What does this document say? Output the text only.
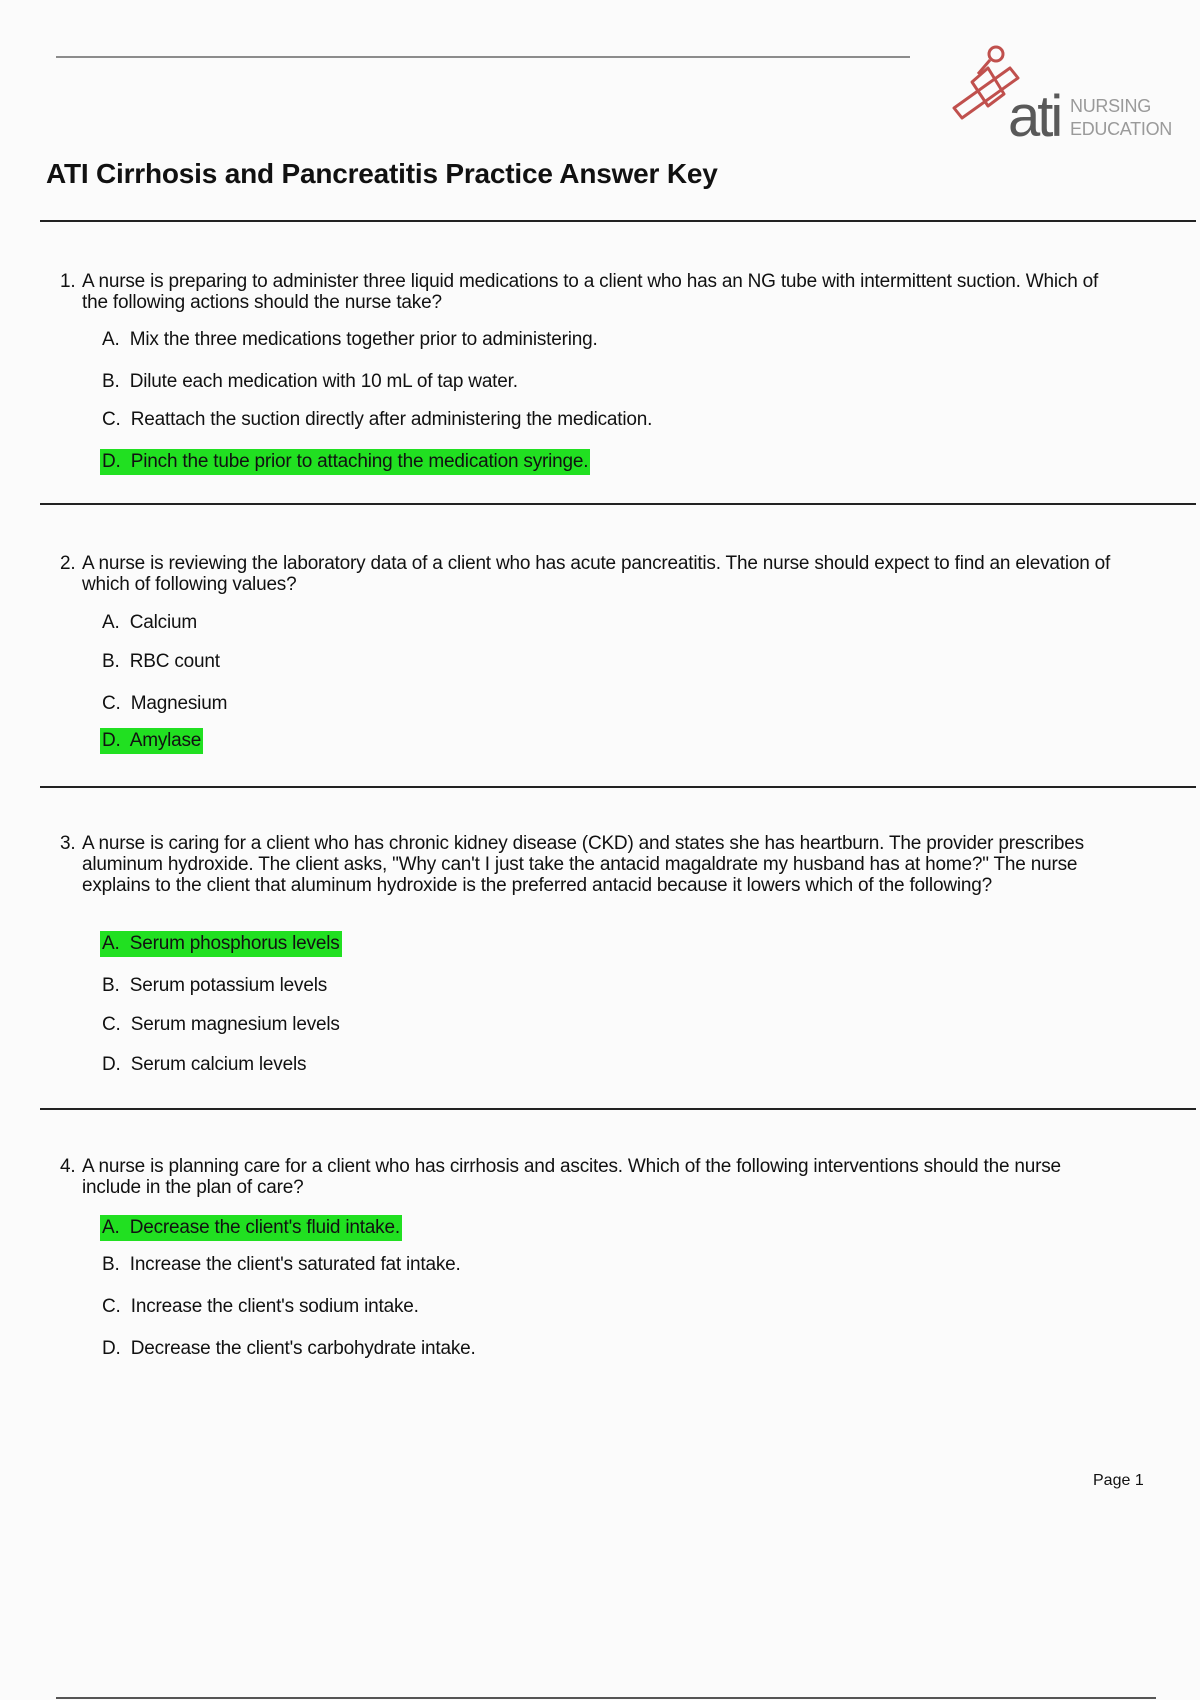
ati NURSING
EDUCATION
ATI Cirrhosis and Pancreatitis Practice Answer Key
1. A nurse is preparing to administer three liquid medications to a client who has an NG tube with intermittent suction. Which of the following actions should the nurse take?
A. Mix the three medications together prior to administering.
B. Dilute each medication with 10 mL of tap water.
C. Reattach the suction directly after administering the medication.
D. Pinch the tube prior to attaching the medication syringe.
2. A nurse is reviewing the laboratory data of a client who has acute pancreatitis. The nurse should expect to find an elevation of which of following values?
A. Calcium
B. RBC count
C. Magnesium
D. Amylase
3. A nurse is caring for a client who has chronic kidney disease (CKD) and states she has heartburn. The provider prescribes aluminum hydroxide. The client asks, "Why can't I just take the antacid magaldrate my husband has at home?" The nurse explains to the client that aluminum hydroxide is the preferred antacid because it lowers which of the following?
A. Serum phosphorus levels
B. Serum potassium levels
C. Serum magnesium levels
D. Serum calcium levels
4. A nurse is planning care for a client who has cirrhosis and ascites. Which of the following interventions should the nurse include in the plan of care?
A. Decrease the client's fluid intake.
B. Increase the client's saturated fat intake.
C. Increase the client's sodium intake.
D. Decrease the client's carbohydrate intake.
Page 1
